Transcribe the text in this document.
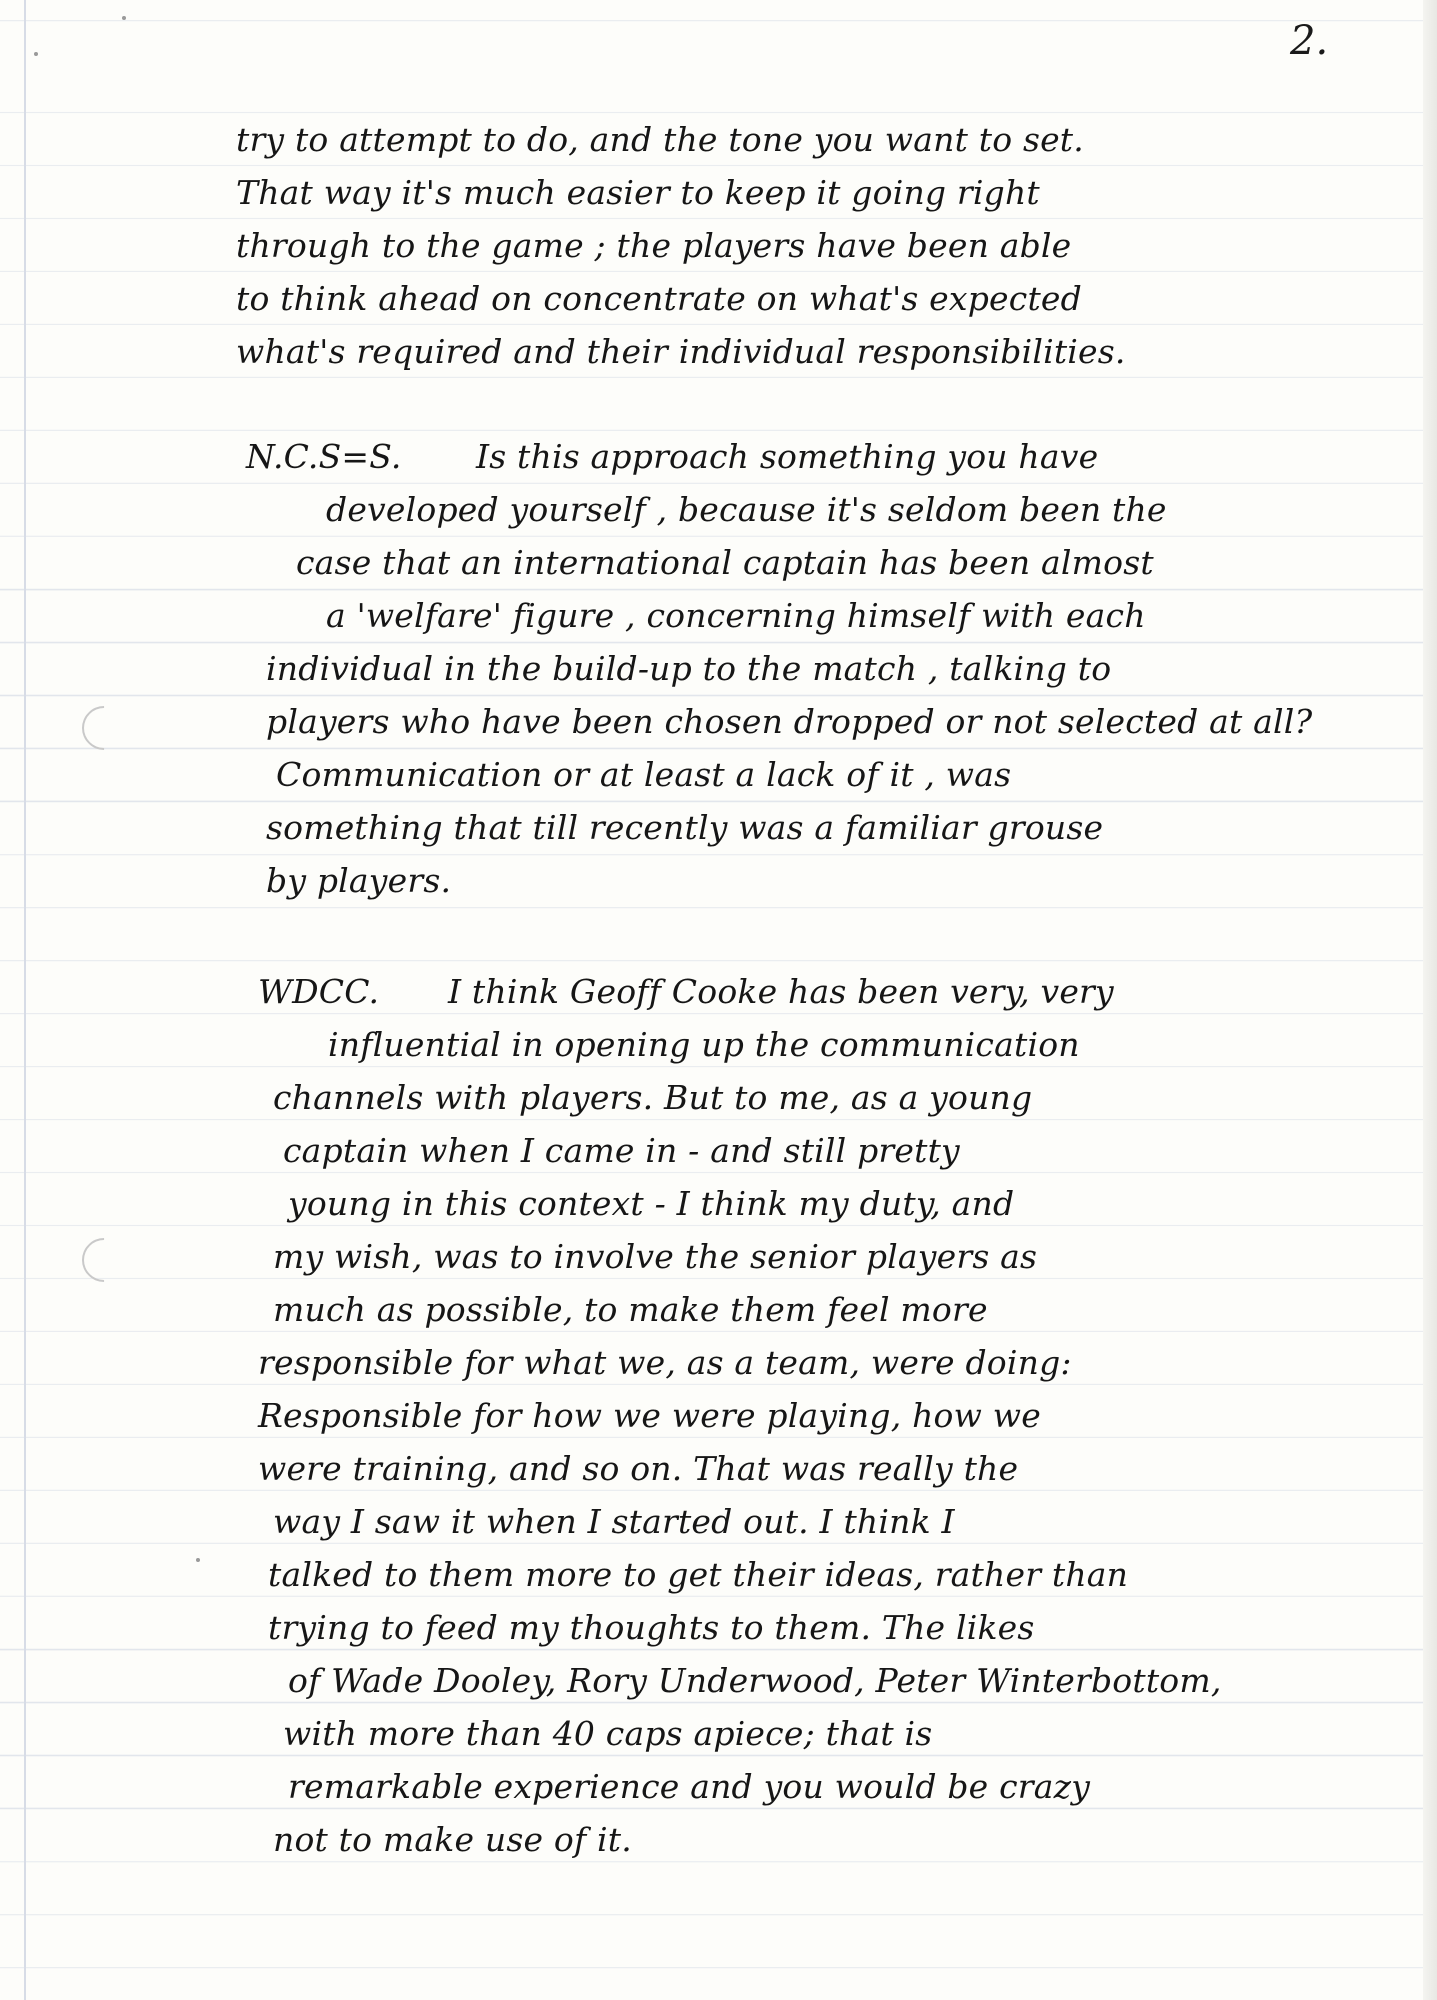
2.
try to attempt to do, and the tone you want to set.
That way it's much easier to keep it going right
through to the game ; the players have been able
to think ahead on concentrate on what's expected
what's required and their individual responsibilities.
N.C.S=S. Is this approach something you have
developed yourself , because it's seldom been the
case that an international captain has been almost
a 'welfare' figure , concerning himself with each
individual in the build-up to the match , talking to
players who have been chosen dropped or not selected at all?
Communication or at least a lack of it , was
something that till recently was a familiar grouse
by players.
WDCC. I think Geoff Cooke has been very, very
influential in opening up the communication
channels with players. But to me, as a young
captain when I came in - and still pretty
young in this context - I think my duty, and
my wish, was to involve the senior players as
much as possible, to make them feel more
responsible for what we, as a team, were doing:
Responsible for how we were playing, how we
were training, and so on. That was really the
way I saw it when I started out. I think I
talked to them more to get their ideas, rather than
trying to feed my thoughts to them. The likes
of Wade Dooley, Rory Underwood, Peter Winterbottom,
with more than 40 caps apiece; that is
remarkable experience and you would be crazy
not to make use of it.
